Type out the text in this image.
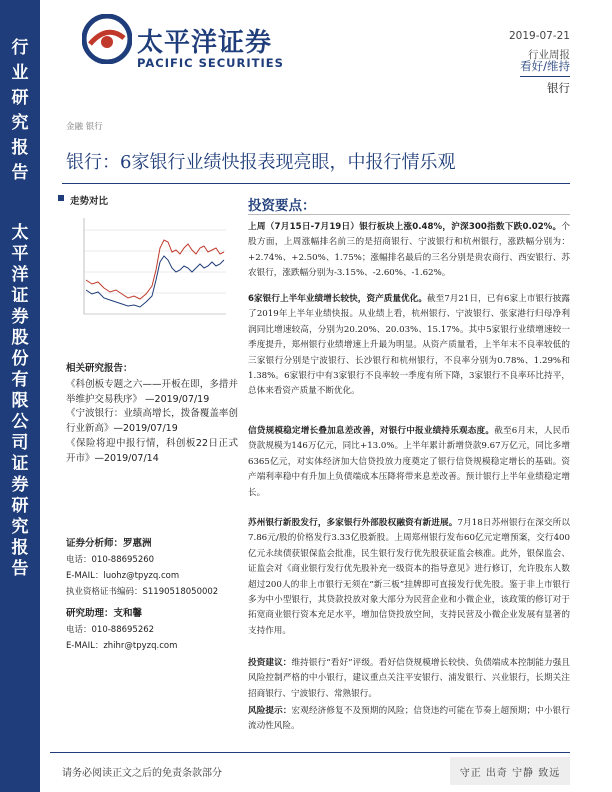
行
业
研
究
报
告
太
平
洋
证
券
股
份
有
限
公
司
证
券
研
究
报
告
太平洋证券
PACIFIC SECURITIES
2019-07-21
行业周报
看好/维持
银行
金融 银行
银行：6家银行业绩快报表现亮眼，中报行情乐观
走势对比
相关研究报告：

《科创板专题之六——开板在即，多措并举维护交易秩序》 —2019/07/19

《宁波银行：业绩高增长，拨备覆盖率创行业新高》—2019/07/19

《保险将迎中报行情，科创板22日正式开市》—2019/07/14

证券分析师：罗惠洲
电话：010-88695260
E-MAIL：luohz@tpyzq.com
执业资格证书编码：S1190518050002
研究助理：支和馨
电话：010-88695262
E-MAIL：zhihr@tpyzq.com
投资要点：
上周（7月15日-7月19日）银行板块上涨0.48%，沪深300指数下跌0.02%。个股方面，上周涨幅排名前三的是招商银行、宁波银行和杭州银行，涨跌幅分别为：+2.74%、+2.50%、1.75%；涨幅排名最后的三名分别是贵农商行、西安银行、苏农银行，涨跌幅分别为-3.15%、-2.60%、-1.62%。
6家银行上半年业绩增长较快，资产质量优化。截至7月21日，已有6家上市银行披露了2019年上半年业绩快报。从业绩上看，杭州银行、宁波银行、张家港行归母净利润同比增速较高，分别为20.20%、20.03%、15.17%。其中5家银行业绩增速较一季度提升，郑州银行业绩增速上升最为明显。从资产质量看，上半年末不良率较低的三家银行分别是宁波银行、长沙银行和杭州银行，不良率分别为0.78%、1.29%和1.38%。6家银行中有3家银行不良率较一季度有所下降，3家银行不良率环比持平，总体来看资产质量不断优化。
信贷规模稳定增长叠加息差改善，对银行中报业绩持乐观态度。截至6月末，人民币贷款规模为146万亿元，同比+13.0%。上半年累计新增贷款9.67万亿元，同比多增6365亿元，对实体经济加大信贷投放力度奠定了银行信贷规模稳定增长的基础。资产端利率稳中有升加上负债端成本压降将带来息差改善。预计银行上半年业绩稳定增长。
苏州银行新股发行，多家银行外部股权融资有新进展。7月18日苏州银行在深交所以7.86元/股的价格发行3.33亿股新股。上周郑州银行发布60亿元定增预案，交行400亿元永续债获银保监会批准，民生银行发行优先股获证监会核准。此外，银保监会、证监会对《商业银行发行优先股补充一级资本的指导意见》进行修订，允许股东人数超过200人的非上市银行无须在“新三板”挂牌即可直接发行优先股。鉴于非上市银行多为中小型银行，其贷款投放对象大部分为民营企业和小微企业，该政策的修订对于拓宽商业银行资本充足水平，增加信贷投放空间，支持民营及小微企业发展有显著的支持作用。
投资建议：维持银行“看好”评级。看好信贷规模增长较快、负债端成本控制能力强且风险控制严格的中小银行，建议重点关注平安银行、浦发银行、兴业银行，长期关注招商银行、宁波银行、常熟银行。
风险提示：宏观经济修复不及预期的风险；信贷违约可能在节奏上超预期；中小银行流动性风险。
请务必阅读正文之后的免责条款部分	守正 出奇 宁静 致远
